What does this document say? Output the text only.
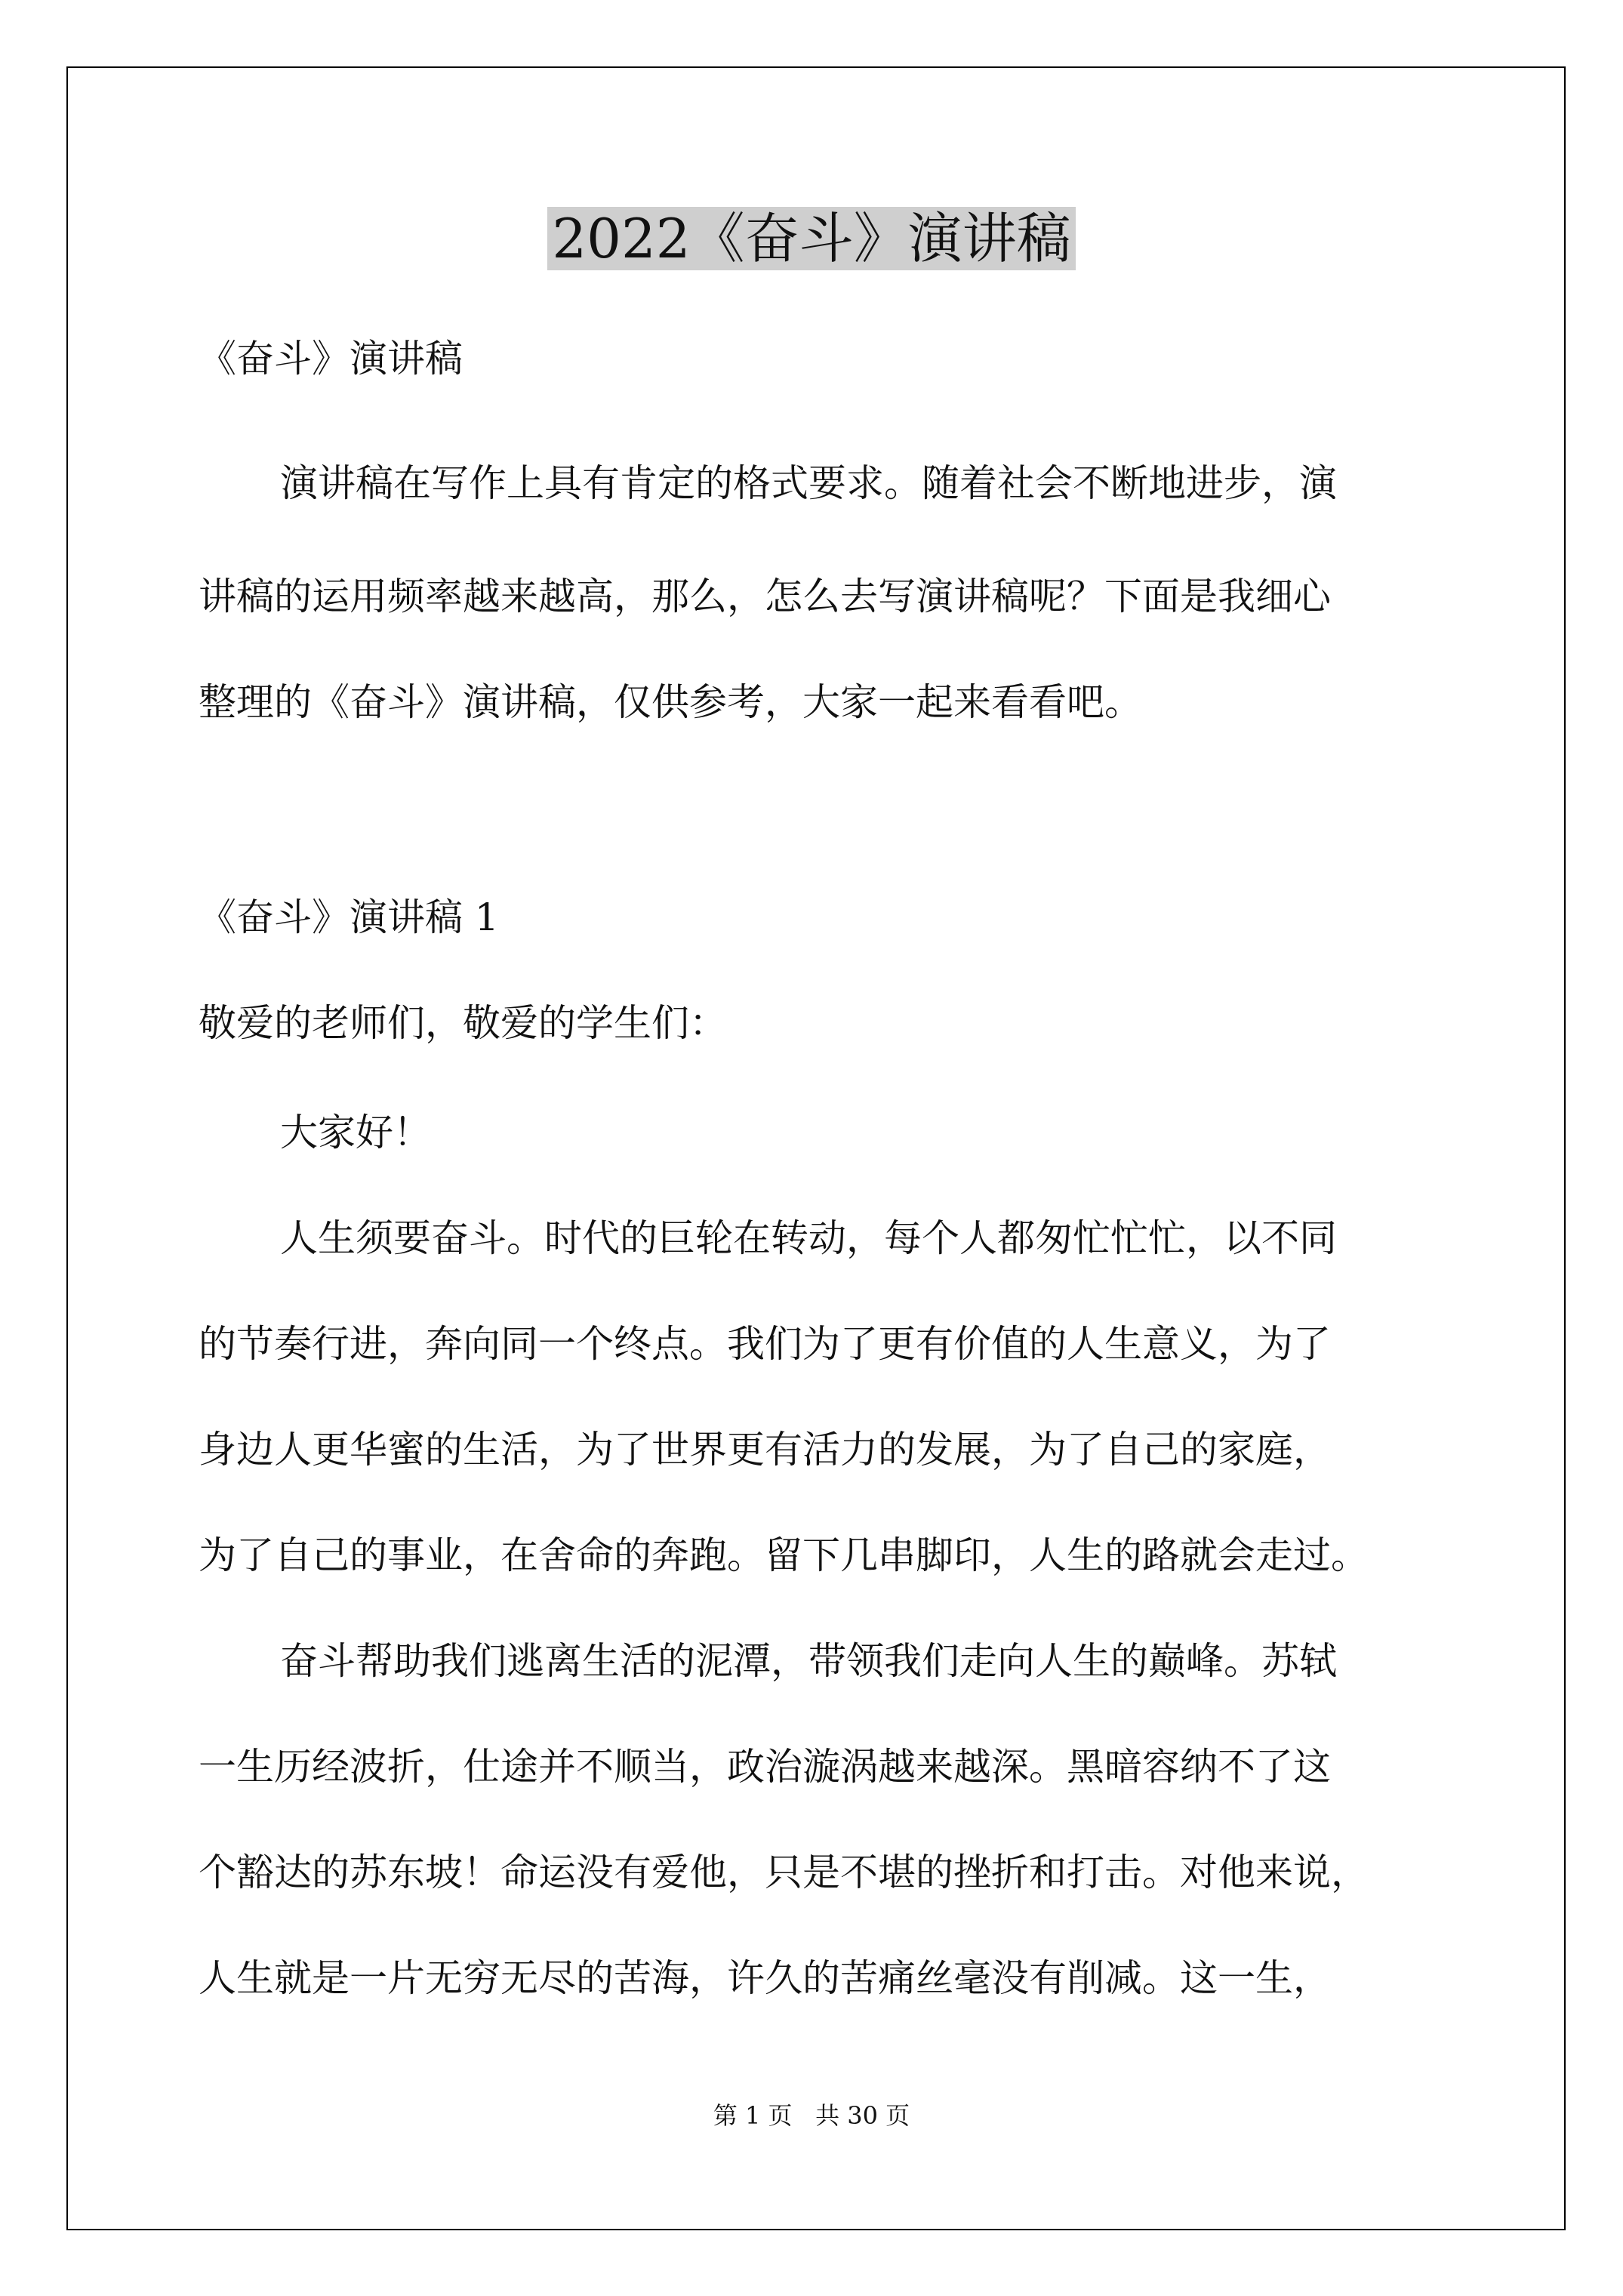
2022《奋斗》演讲稿
《奋斗》演讲稿
演讲稿在写作上具有肯定的格式要求。随着社会不断地进步，演
讲稿的运用频率越来越高，那么，怎么去写演讲稿呢？下面是我细心
整理的《奋斗》演讲稿，仅供参考，大家一起来看看吧。
《奋斗》演讲稿 1
敬爱的老师们，敬爱的学生们：
大家好！
人生须要奋斗。时代的巨轮在转动，每个人都匆忙忙忙，以不同
的节奏行进，奔向同一个终点。我们为了更有价值的人生意义，为了
身边人更华蜜的生活，为了世界更有活力的发展，为了自己的家庭，
为了自己的事业，在舍命的奔跑。留下几串脚印，人生的路就会走过。
奋斗帮助我们逃离生活的泥潭，带领我们走向人生的巅峰。苏轼
一生历经波折，仕途并不顺当，政治漩涡越来越深。黑暗容纳不了这
个豁达的苏东坡！命运没有爱他，只是不堪的挫折和打击。对他来说，
人生就是一片无穷无尽的苦海，许久的苦痛丝毫没有削减。这一生，
第 1 页   共 30 页
